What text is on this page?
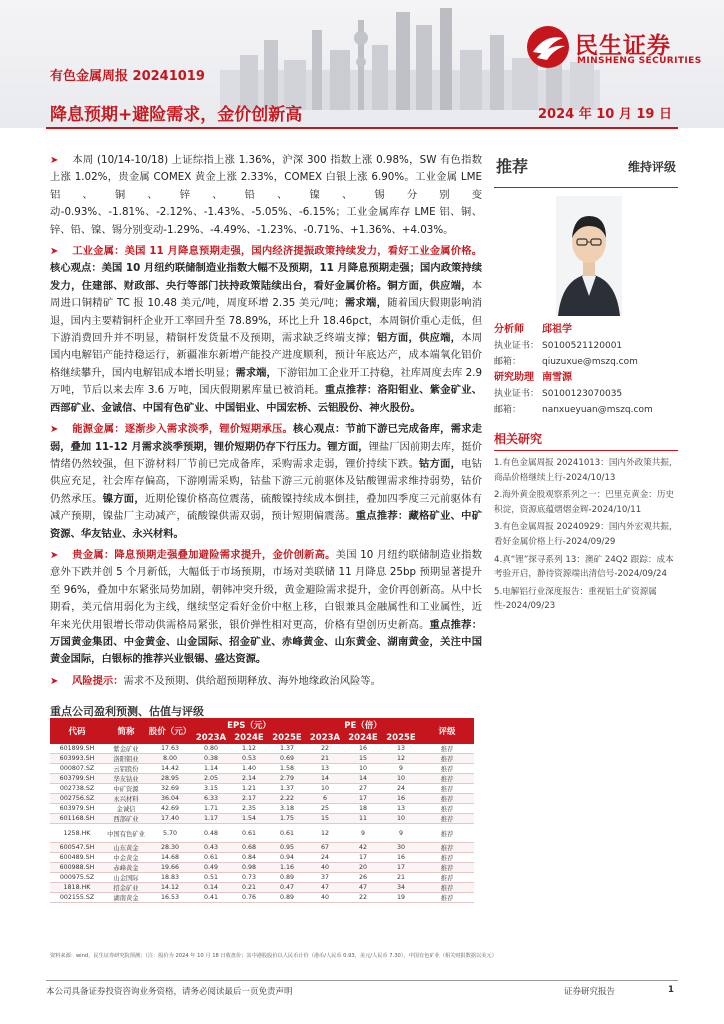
民生证券
MINSHENG SECURITIES
有色金属周报 20241019
降息预期+避险需求，金价创新高	2024 年 10 月 19 日

➤ 本周 (10/14-10/18) 上证综指上涨 1.36%，沪深 300 指数上涨 0.98%，SW 有色指数上涨 1.02%，贵金属 COMEX 黄金上涨 2.33%，COMEX 白银上涨 6.90%。工业金属 LME 铝、铜、锌、铅、镍、锡分别变动-0.93%、-1.81%、-2.12%、-1.43%、-5.05%、-6.15%；工业金属库存 LME 铝、铜、锌、铅、镍、锡分别变动-1.29%、-4.49%、-1.23%、-0.71%、+1.36%、+4.03%。

➤ 工业金属：美国 11 月降息预期走强，国内经济提振政策持续发力，看好工业金属价格。核心观点：美国 10 月纽约联储制造业指数大幅不及预期，11 月降息预期走强；国内政策持续发力，住建部、财政部、央行等部门扶持政策陆续出台，看好金属价格。铜方面，供应端，本周进口铜精矿 TC 报 10.48 美元/吨，周度环增 2.35 美元/吨；需求端，随着国庆假期影响消退，国内主要精铜杆企业开工率回升至 78.89%，环比上升 18.46pct，本周铜价重心走低，但下游消费回升并不明显，精铜杆发货量不及预期，需求缺乏终端支撑；铝方面，供应端，本周国内电解铝产能持稳运行，新疆准东新增产能投产进度顺利，预计年底达产，成本端氧化铝价格继续攀升，国内电解铝成本增长明显；需求端，下游铝加工企业开工持稳，社库周度去库 2.9 万吨，节后以来去库 3.6 万吨，国庆假期累库量已被消耗。重点推荐：洛阳钼业、紫金矿业、西部矿业、金诚信、中国有色矿业、中国铝业、中国宏桥、云铝股份、神火股份。

➤ 能源金属：逐渐步入需求淡季，锂价短期承压。核心观点：节前下游已完成备库，需求走弱，叠加 11-12 月需求淡季预期，锂价短期仍存下行压力。锂方面，锂盐厂因前期去库，挺价情绪仍然较强，但下游材料厂节前已完成备库，采购需求走弱，锂价持续下跌。钴方面，电钴供应充足，社会库存偏高，下游刚需采购，钴盐下游三元前驱体及钴酸锂需求维持弱势，钴价仍然承压。镍方面，近期伦镍价格高位震荡，硫酸镍持续成本倒挂，叠加四季度三元前驱体有减产预期，镍盐厂主动减产，硫酸镍供需双弱，预计短期偏震荡。重点推荐：藏格矿业、中矿资源、华友钴业、永兴材料。

➤ 贵金属：降息预期走强叠加避险需求提升，金价创新高。美国 10 月纽约联储制造业指数意外下跌并创 5 个月新低，大幅低于市场预期，市场对美联储 11 月降息 25bp 预期显著提升至 96%，叠加中东紧张局势加剧，朝韩冲突升级，黄金避险需求提升，金价再创新高。从中长期看，美元信用弱化为主线，继续坚定看好金价中枢上移，白银兼具金融属性和工业属性，近年来光伏用银增长带动供需格局紧张，银价弹性相对更高，价格有望创历史新高。重点推荐：万国黄金集团、中金黄金、山金国际、招金矿业、赤峰黄金、山东黄金、湖南黄金，关注中国黄金国际，白银标的推荐兴业银锡、盛达资源。

➤ 风险提示：需求不及预期、供给超预期释放、海外地缘政治风险等。

推荐	维持评级
分析师 邱祖学
执业证书： S0100521120001
邮箱： qiuzuxue@mszq.com
研究助理 南雪源
执业证书： S0100123070035
邮箱： nanxueyuan@mszq.com
相关研究
1.有色金属周报 20241013：国内外政策共振，商品价格继续上行-2024/10/13
2.海外黄金股观察系列之一：巴里克黄金：历史积淀，资源底蕴熠熠金辉-2024/10/11
3.有色金属周报 20240929：国内外宏观共振，看好金属价格上行-2024/09/29
4.真“锂”探寻系列 13：澳矿 24Q2 跟踪：成本考验开启，静待资源端出清信号-2024/09/24
5.电解铝行业深度报告：重视铝土矿资源属性-2024/09/23
重点公司盈利预测、估值与评级
代码	简称	股价（元）	EPS（元）			PE（倍）			评级
			2023A	2024E	2025E	2023A	2024E	2025E	
601899.SH	紫金矿业	17.63	0.80	1.12	1.37	22	16	13	推荐
603993.SH	洛阳钼业	8.00	0.38	0.53	0.69	21	15	12	推荐
000807.SZ	云铝股份	14.42	1.14	1.40	1.58	13	10	9	推荐
603799.SH	华友钴业	28.95	2.05	2.14	2.79	14	14	10	推荐
002738.SZ	中矿资源	32.69	3.15	1.21	1.37	10	27	24	推荐
002756.SZ	永兴材料	36.04	6.33	2.17	2.22	6	17	16	推荐
603979.SH	金诚信	42.69	1.71	2.35	3.18	25	18	13	推荐
601168.SH	西部矿业	17.40	1.17	1.54	1.75	15	11	10	推荐
1258.HK	中国有色矿业	5.70	0.48	0.61	0.61	12	9	9	推荐
600547.SH	山东黄金	28.30	0.43	0.68	0.95	67	42	30	推荐
600489.SH	中金黄金	14.68	0.61	0.84	0.94	24	17	16	推荐
600988.SH	赤峰黄金	19.66	0.49	0.98	1.16	40	20	17	推荐
000975.SZ	山金国际	18.83	0.51	0.73	0.89	37	26	21	推荐
1818.HK	招金矿业	14.12	0.14	0.21	0.47	47	47	34	推荐
002155.SZ	湖南黄金	16.53	0.41	0.76	0.89	40	22	19	推荐
资料来源：wind，民生证券研究院预测；（注：股价为 2024 年 10 月 18 日收盘价；其中港股股价以人民币计价（港币/人民币 0.93，美元/人民币 7.30），中国有色矿业（相关财报数据以美元）
本公司具备证券投资咨询业务资格，请务必阅读最后一页免责声明	证券研究报告	1
